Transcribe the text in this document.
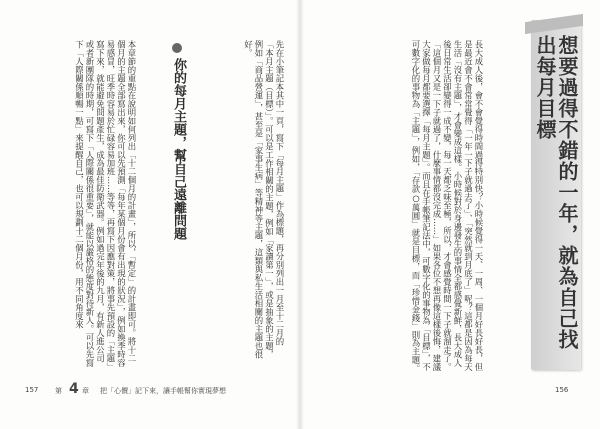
想要過得不錯的一年，就為自己找出每月目標
長大成人後，會不會覺得時間過得特別快？小時候覺得一天、一周、一個月好長好長，但是最近會不會常常覺得「一年一下子就過去了」、「突然就到月底了」呢？這都是因為每天生活「沒有主題」，才會變成這樣。小時候對於身邊發生的事情全都感覺新鮮，長大成人後日常生活卻變得一成不變，每一天都乏味至極，所以，才會感覺時間一下子就溜走了。「這個月又是一下子就過了，什麼事情都沒完成……」如果各位不想再像這樣後悔，建議大家做每月都要選擇「每月主題」。而且在手帳筆記法中，可數字化的事物為「目標」，不可數字化的事物為「主題」，例如，「存款○萬圓」就是目標，而「珍惜金錢」則為主題。
你的每月主題，幫自己遠離問題	先在小筆記本其中一頁，寫下「每月主題」作為標題，再分別列出一月至十二月的「本月主題（目標）」。可以是工作相關的主題，例如「家讀第一」，或是抽象的主題，例如「商品營運」，甚至是「家事生病」等精神等主題，這類與私生活相關的主題也很好。
本章節的重點在說明如何列出「十二個月的計畫」，所以，「暫定」的計畫即可。將十二個月的主題全部寫出來，你可以先預測「每年某個月份會有出現的狀況」，例如換季時容易感冒，旺季時容易於忙碌容易加班……等等，再寫下因應對策，將事先預設的「主題」寫下來，就能避免問題產生，成為最佳防衛武器。例如過完年後的九月，有新人進公司或者新團隊的時期，可寫下「人際關係很重要」，就能以嚴格的態度對待新人。可以先寫下「人際關係順暢一點」來提醒自己，也可以規劃十二個月份，用不同角度來
157 第 4 章 把「心價」記下來，讓手帳幫你實現夢想	156
